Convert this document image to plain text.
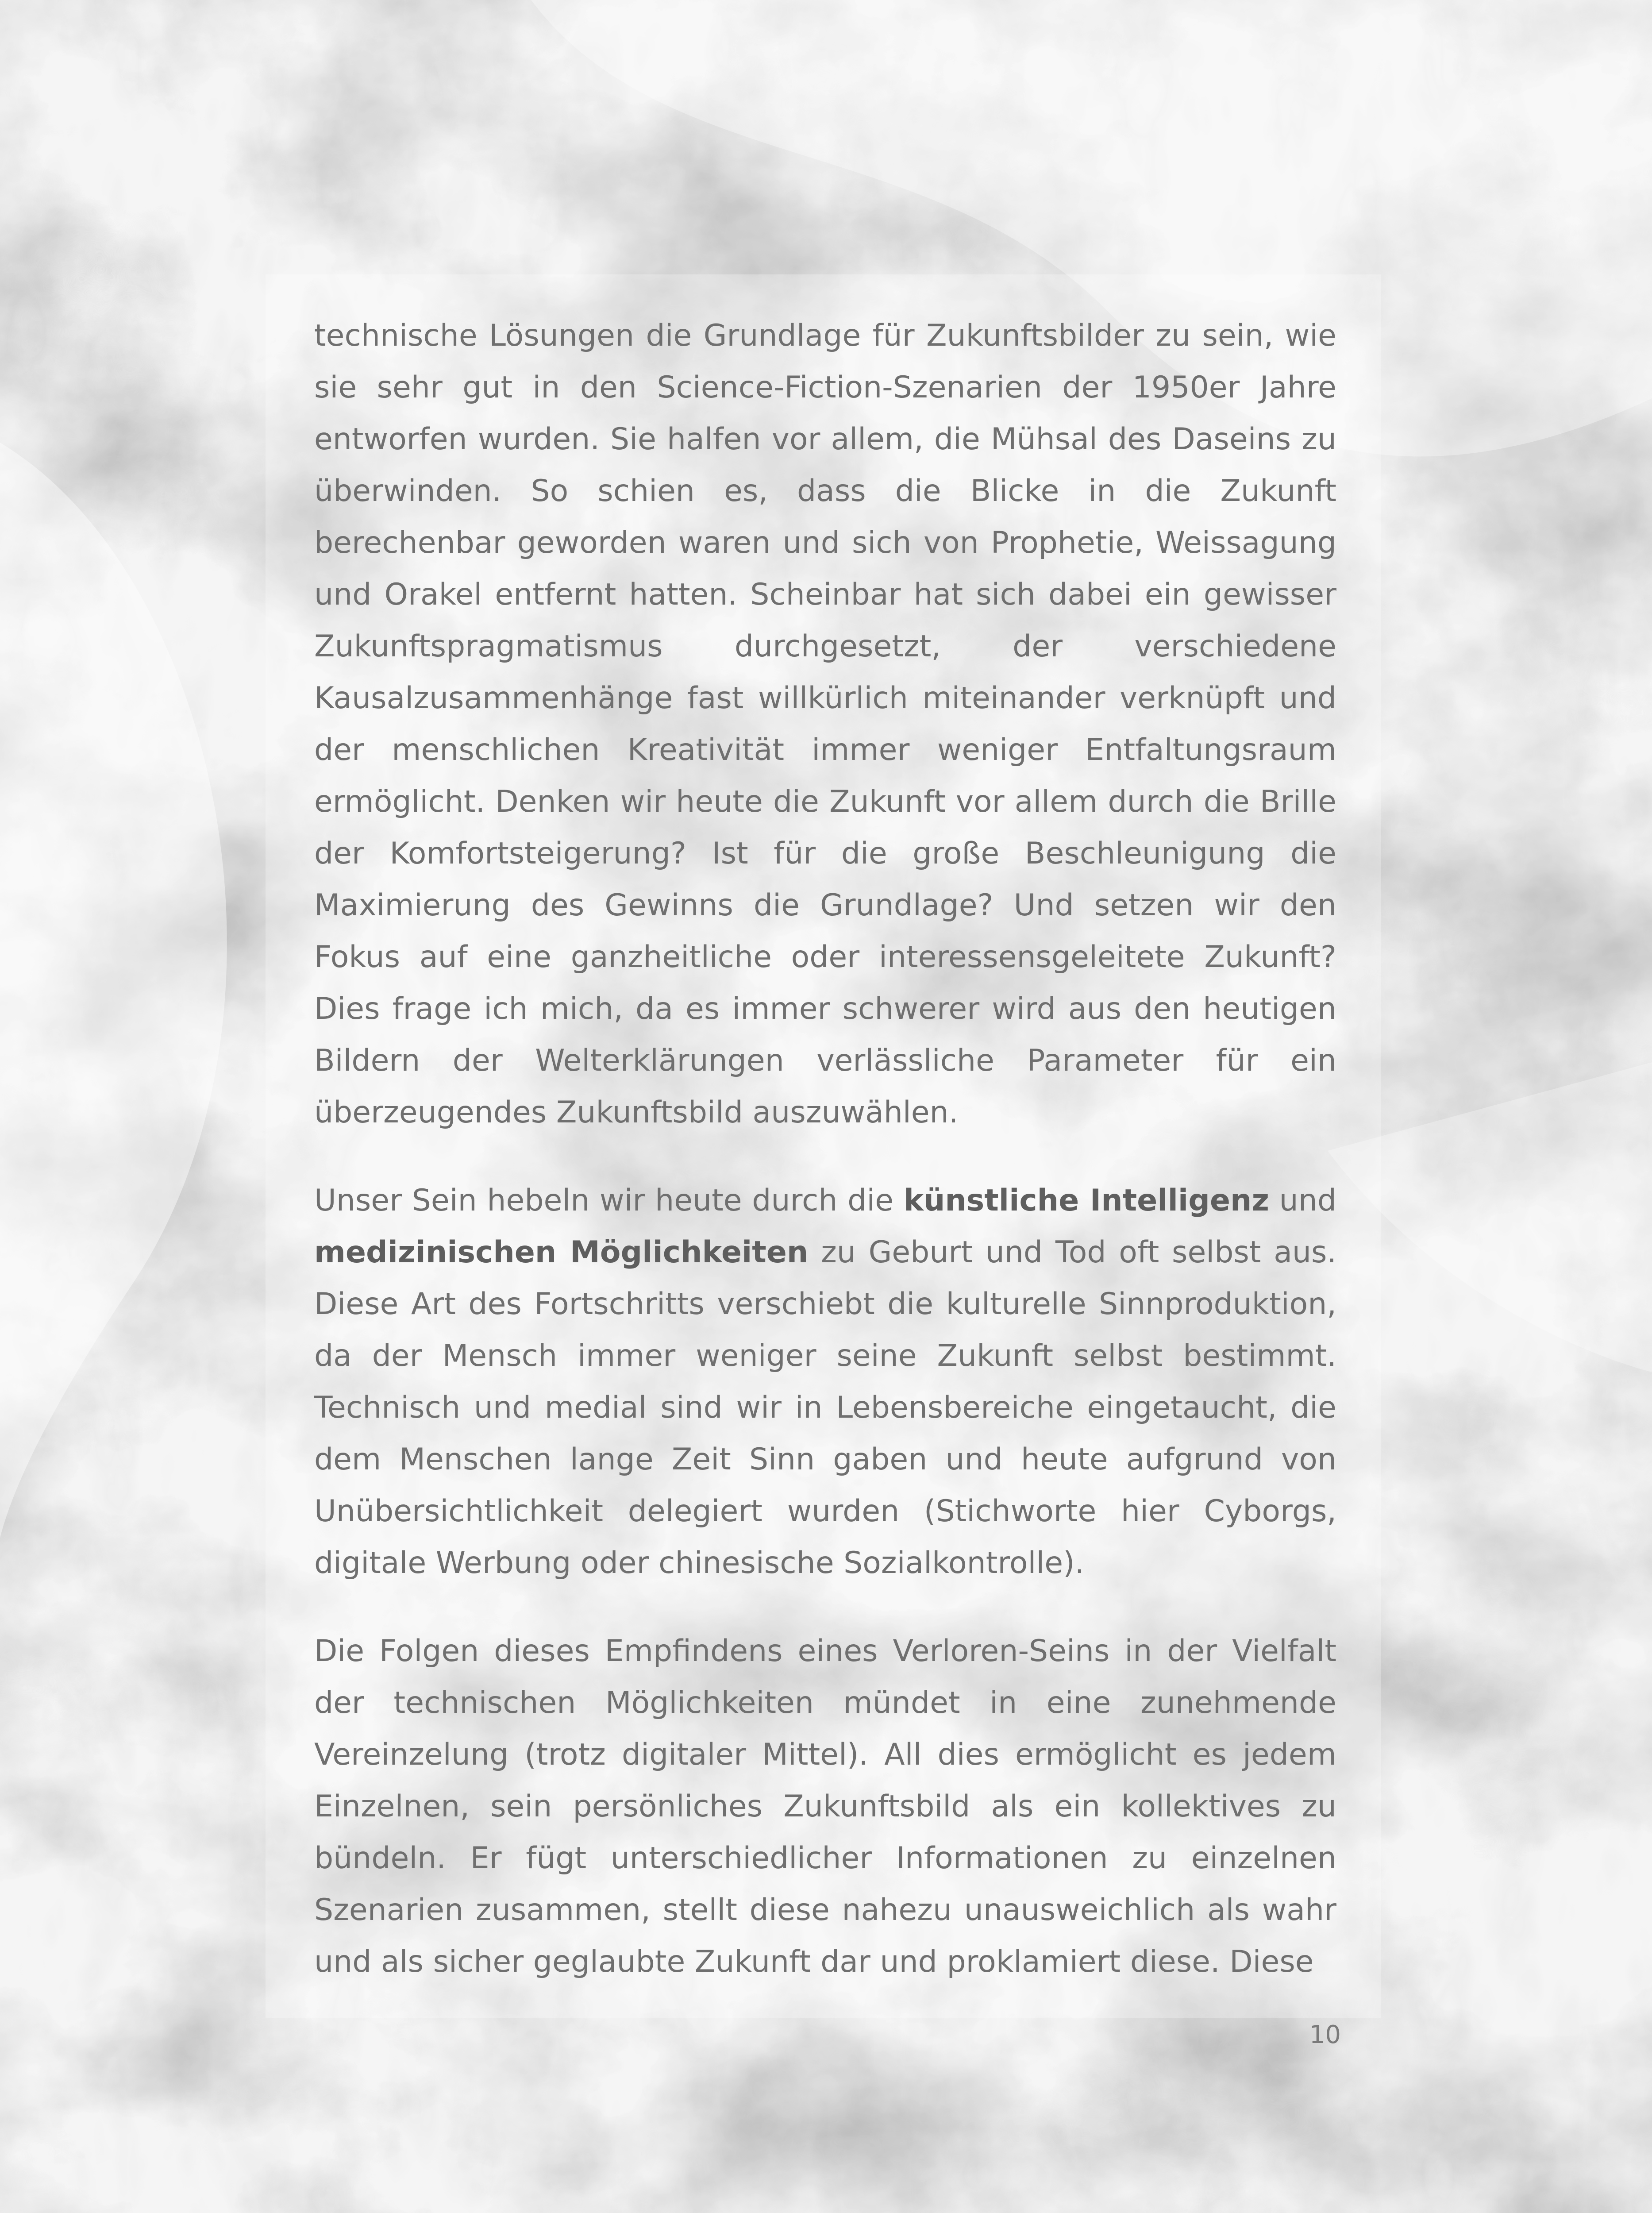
technische Lösungen die Grundlage für Zukunftsbilder zu sein, wie sie sehr gut in den Science-Fiction-Szenarien der 1950er Jahre entworfen wurden. Sie halfen vor allem, die Mühsal des Daseins zu überwinden. So schien es, dass die Blicke in die Zukunft berechenbar geworden waren und sich von Prophetie, Weissagung und Orakel entfernt hatten. Scheinbar hat sich dabei ein gewisser Zukunftspragmatismus durchgesetzt, der verschiedene Kausalzusammenhänge fast willkürlich miteinander verknüpft und der menschlichen Kreativität immer weniger Entfaltungsraum ermöglicht. Denken wir heute die Zukunft vor allem durch die Brille der Komfortsteigerung? Ist für die große Beschleunigung die Maximierung des Gewinns die Grundlage? Und setzen wir den Fokus auf eine ganzheitliche oder interessensgeleitete Zukunft? Dies frage ich mich, da es immer schwerer wird aus den heutigen Bildern der Welterklärungen verlässliche Parameter für ein überzeugendes Zukunftsbild auszuwählen.

Unser Sein hebeln wir heute durch die künstliche Intelligenz und medizinischen Möglichkeiten zu Geburt und Tod oft selbst aus. Diese Art des Fortschritts verschiebt die kulturelle Sinnproduktion, da der Mensch immer weniger seine Zukunft selbst bestimmt. Technisch und medial sind wir in Lebensbereiche eingetaucht, die dem Menschen lange Zeit Sinn gaben und heute aufgrund von Unübersichtlichkeit delegiert wurden (Stichworte hier Cyborgs, digitale Werbung oder chinesische Sozialkontrolle).

Die Folgen dieses Empfindens eines Verloren-Seins in der Vielfalt der technischen Möglichkeiten mündet in eine zunehmende Vereinzelung (trotz digitaler Mittel). All dies ermöglicht es jedem Einzelnen, sein persönliches Zukunftsbild als ein kollektives zu bündeln. Er fügt unterschiedlicher Informationen zu einzelnen Szenarien zusammen, stellt diese nahezu unausweichlich als wahr und als sicher geglaubte Zukunft dar und proklamiert diese. Diese

10
